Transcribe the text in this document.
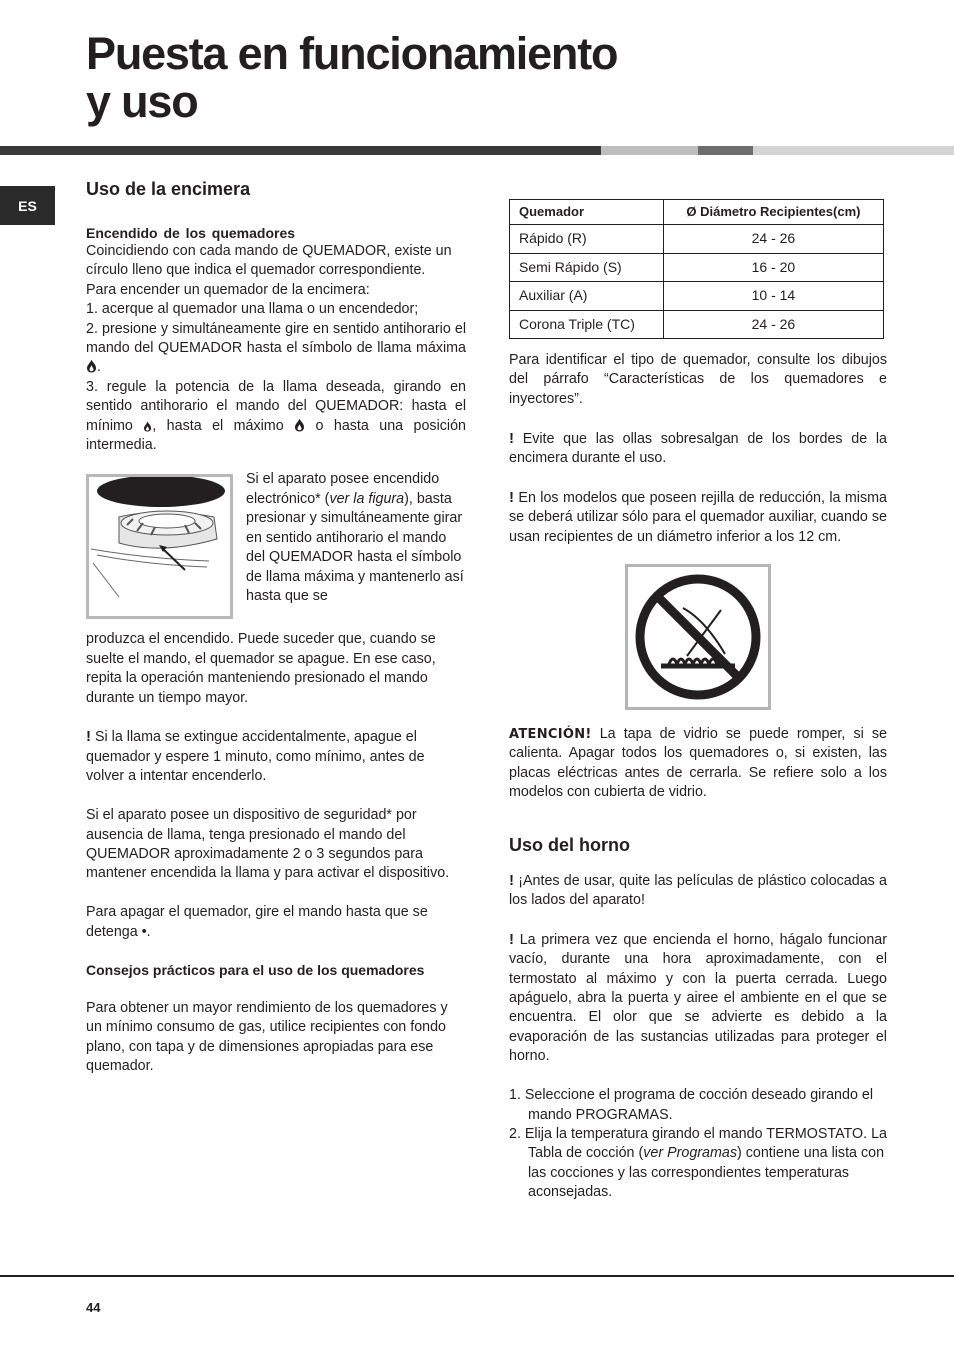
Puesta en funcionamiento
y uso
ES
Uso de la encimera
Encendido de los quemadores

Coincidiendo con cada mando de QUEMADOR, existe un círculo lleno que indica el quemador correspondiente.

Para encender un quemador de la encimera:

1. acerque al quemador una llama o un encendedor;

2. presione y simultáneamente gire en sentido antihorario el mando del QUEMADOR hasta el símbolo de llama máxima .

3. regule la potencia de la llama deseada, girando en sentido antihorario el mando del QUEMADOR: hasta el mínimo , hasta el máximo o hasta una posición intermedia.

Si el aparato posee encendido electrónico* (ver la figura), basta presionar y simultáneamente girar en sentido antihorario el mando del QUEMADOR hasta el símbolo de llama máxima y mantenerlo así hasta que se

produzca el encendido. Puede suceder que, cuando se suelte el mando, el quemador se apague. En ese caso, repita la operación manteniendo presionado el mando durante un tiempo mayor.

! Si la llama se extingue accidentalmente, apague el quemador y espere 1 minuto, como mínimo, antes de volver a intentar encenderlo.

Si el aparato posee un dispositivo de seguridad* por ausencia de llama, tenga presionado el mando del QUEMADOR aproximadamente 2 o 3 segundos para mantener encendida la llama y para activar el dispositivo.

Para apagar el quemador, gire el mando hasta que se detenga •.

Consejos prácticos para el uso de los quemadores

Para obtener un mayor rendimiento de los quemadores y un mínimo consumo de gas, utilice recipientes con fondo plano, con tapa y de dimensiones apropiadas para ese quemador.

Quemador	Ø Diámetro Recipientes(cm)
Rápido (R)	24 - 26
Semi Rápido (S)	16 - 20
Auxiliar (A)	10 - 14
Corona Triple (TC)	24 - 26

Para identificar el tipo de quemador, consulte los dibujos del párrafo “Características de los quemadores e inyectores”.

! Evite que las ollas sobresalgan de los bordes de la encimera durante el uso.

! En los modelos que poseen rejilla de reducción, la misma se deberá utilizar sólo para el quemador auxiliar, cuando se usan recipientes de un diámetro inferior a los 12 cm.

ATENCIÓN! La tapa de vidrio se puede romper, si se calienta. Apagar todos los quemadores o, si existen, las placas eléctricas antes de cerrarla. Se refiere solo a los modelos con cubierta de vidrio.

Uso del horno

! ¡Antes de usar, quite las películas de plástico colocadas a los lados del aparato!

! La primera vez que encienda el horno, hágalo funcionar vacío, durante una hora aproximadamente, con el termostato al máximo y con la puerta cerrada. Luego apáguelo, abra la puerta y airee el ambiente en el que se encuentra. El olor que se advierte es debido a la evaporación de las sustancias utilizadas para proteger el horno.

1. Seleccione el programa de cocción deseado girando el mando PROGRAMAS.

2. Elija la temperatura girando el mando TERMOSTATO. La Tabla de cocción (ver Programas) contiene una lista con las cocciones y las correspondientes temperaturas aconsejadas.

44
